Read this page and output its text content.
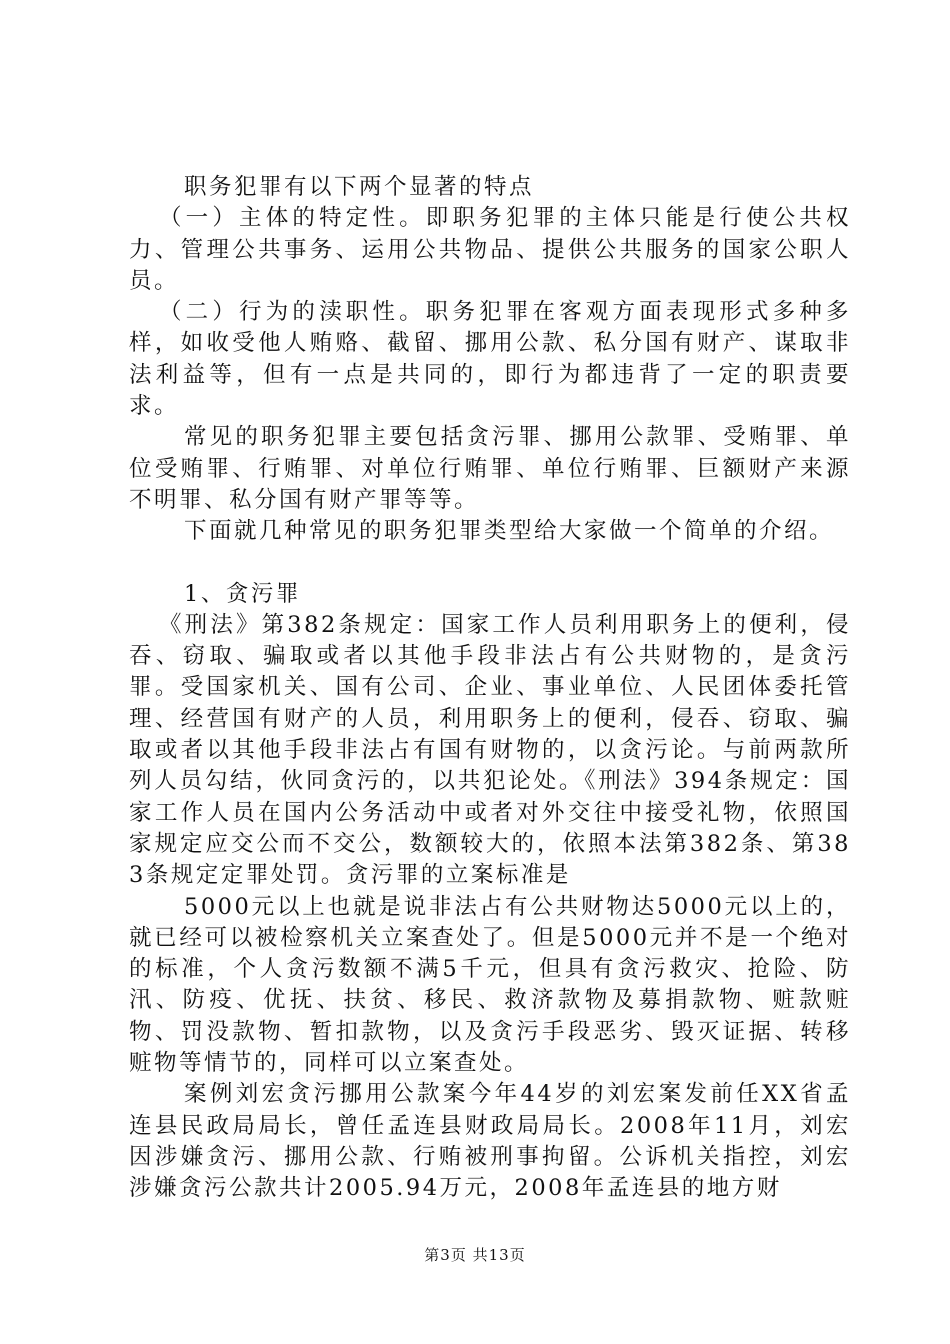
职务犯罪有以下两个显著的特点

（一）主体的特定性。即职务犯罪的主体只能是行使公共权力、管理公共事务、运用公共物品、提供公共服务的国家公职人员。

（二）行为的渎职性。职务犯罪在客观方面表现形式多种多样，如收受他人贿赂、截留、挪用公款、私分国有财产、谋取非法利益等，但有一点是共同的，即行为都违背了一定的职责要求。

常见的职务犯罪主要包括贪污罪、挪用公款罪、受贿罪、单位受贿罪、行贿罪、对单位行贿罪、单位行贿罪、巨额财产来源不明罪、私分国有财产罪等等。

下面就几种常见的职务犯罪类型给大家做一个简单的介绍。

1、贪污罪

《刑法》第382条规定：国家工作人员利用职务上的便利，侵吞、窃取、骗取或者以其他手段非法占有公共财物的，是贪污罪。受国家机关、国有公司、企业、事业单位、人民团体委托管理、经营国有财产的人员，利用职务上的便利，侵吞、窃取、骗取或者以其他手段非法占有国有财物的，以贪污论。与前两款所列人员勾结，伙同贪污的，以共犯论处。《刑法》394条规定：国家工作人员在国内公务活动中或者对外交往中接受礼物，依照国家规定应交公而不交公，数额较大的，依照本法第382条、第383条规定定罪处罚。贪污罪的立案标准是

5000元以上也就是说非法占有公共财物达5000元以上的，就已经可以被检察机关立案查处了。但是5000元并不是一个绝对的标准，个人贪污数额不满5千元，但具有贪污救灾、抢险、防汛、防疫、优抚、扶贫、移民、救济款物及募捐款物、赃款赃物、罚没款物、暂扣款物，以及贪污手段恶劣、毁灭证据、转移赃物等情节的，同样可以立案查处。

案例刘宏贪污挪用公款案今年44岁的刘宏案发前任XX省孟连县民政局局长，曾任孟连县财政局局长。2008年11月，刘宏因涉嫌贪污、挪用公款、行贿被刑事拘留。公诉机关指控，刘宏涉嫌贪污公款共计2005.94万元，2008年孟连县的地方财

第3页 共13页
